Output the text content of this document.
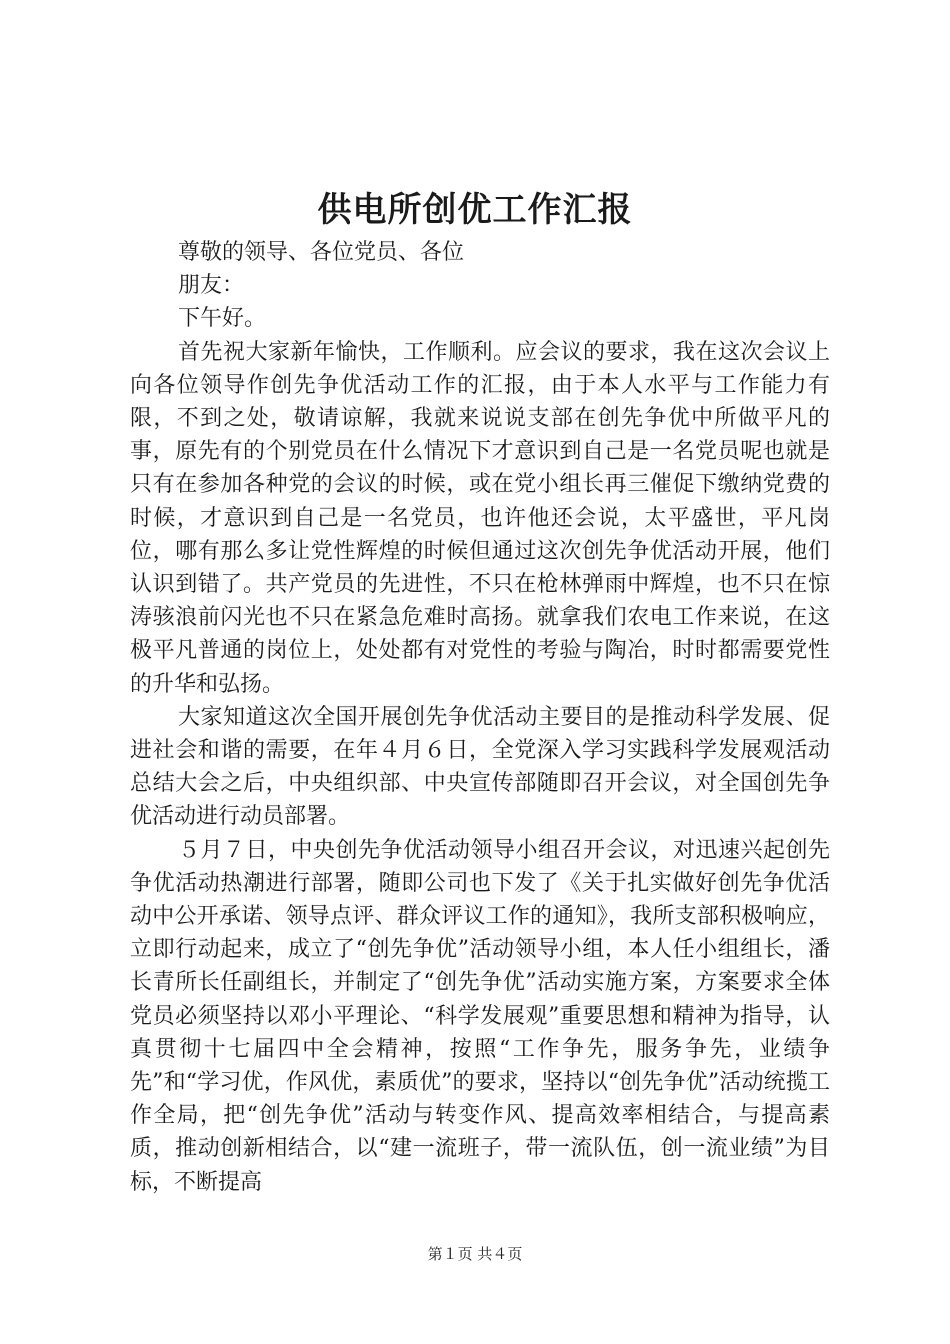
供电所创优工作汇报

尊敬的领导、各位党员、各位

朋友：

下午好。

首先祝大家新年愉快，工作顺利。应会议的要求，我在这次会议上向各位领导作创先争优活动工作的汇报，由于本人水平与工作能力有限，不到之处，敬请谅解，我就来说说支部在创先争优中所做平凡的事，原先有的个别党员在什么情况下才意识到自己是一名党员呢也就是只有在参加各种党的会议的时候，或在党小组长再三催促下缴纳党费的时候，才意识到自己是一名党员，也许他还会说，太平盛世，平凡岗位，哪有那么多让党性辉煌的时候但通过这次创先争优活动开展，他们认识到错了。共产党员的先进性，不只在枪林弹雨中辉煌，也不只在惊涛骇浪前闪光也不只在紧急危难时高扬。就拿我们农电工作来说，在这极平凡普通的岗位上，处处都有对党性的考验与陶冶，时时都需要党性的升华和弘扬。

大家知道这次全国开展创先争优活动主要目的是推动科学发展、促进社会和谐的需要，在年４月６日，全党深入学习实践科学发展观活动总结大会之后，中央组织部、中央宣传部随即召开会议，对全国创先争优活动进行动员部署。

５月７日，中央创先争优活动领导小组召开会议，对迅速兴起创先争优活动热潮进行部署，随即公司也下发了《关于扎实做好创先争优活动中公开承诺、领导点评、群众评议工作的通知》，我所支部积极响应，立即行动起来，成立了“创先争优”活动领导小组，本人任小组组长，潘长青所长任副组长，并制定了“创先争优”活动实施方案，方案要求全体党员必须坚持以邓小平理论、“科学发展观”重要思想和精神为指导，认真贯彻十七届四中全会精神，按照“工作争先，服务争先，业绩争先”和“学习优，作风优，素质优”的要求，坚持以“创先争优”活动统揽工作全局，把“创先争优”活动与转变作风、提高效率相结合，与提高素质，推动创新相结合，以“建一流班子，带一流队伍，创一流业绩”为目标，不断提高

第１页 共４页
